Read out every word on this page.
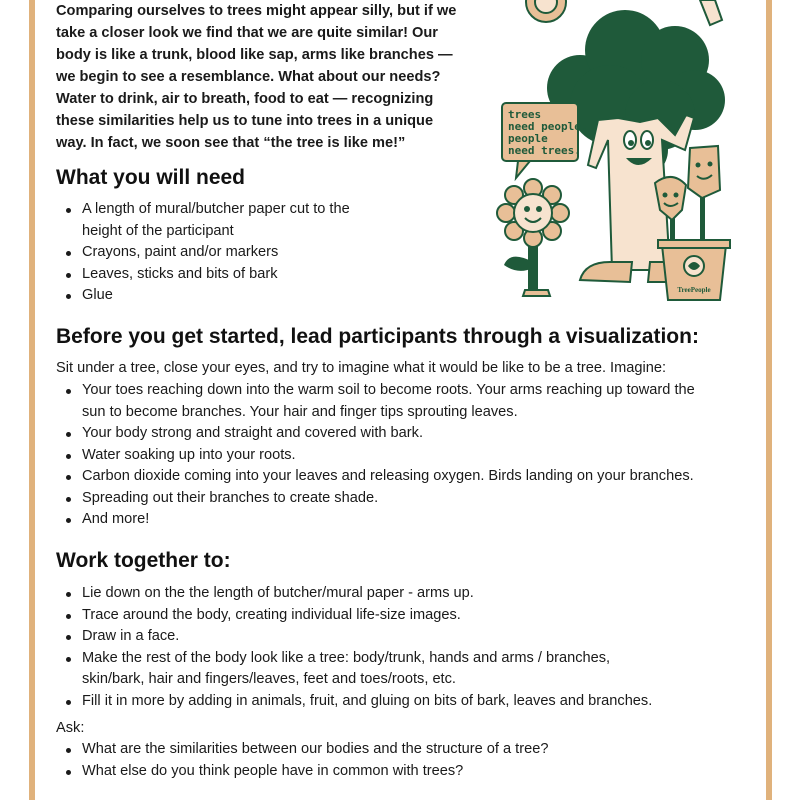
Comparing ourselves to trees might appear silly, but if we
take a closer look we find that we are quite similar! Our
body is like a trunk, blood like sap, arms like branches —
we begin to see a resemblance. What about our needs?
Water to drink, air to breath, food to eat — recognizing
these similarities help us to tune into trees in a unique
way. In fact, we soon see that “the tree is like me!”
trees
need people.
people
need trees.
TreePeople
What you will need
A length of mural/butcher paper cut to the
height of the participant
Crayons, paint and/or markers
Leaves, sticks and bits of bark
Glue
Before you get started, lead participants through a visualization:

Sit under a tree, close your eyes, and try to imagine what it would be like to be a tree. Imagine:

Your toes reaching down into the warm soil to become roots. Your arms reaching up toward the
sun to become branches. Your hair and finger tips sprouting leaves.
Your body strong and straight and covered with bark.
Water soaking up into your roots.
Carbon dioxide coming into your leaves and releasing oxygen. Birds landing on your branches.
Spreading out their branches to create shade.
And more!
Work together to:
Lie down on the the length of butcher/mural paper - arms up.
Trace around the body, creating individual life-size images.
Draw in a face.
Make the rest of the body look like a tree: body/trunk, hands and arms / branches,
skin/bark, hair and fingers/leaves, feet and toes/roots, etc.
Fill it in more by adding in animals, fruit, and gluing on bits of bark, leaves and branches.

Ask:

What are the similarities between our bodies and the structure of a tree?
What else do you think people have in common with trees?
